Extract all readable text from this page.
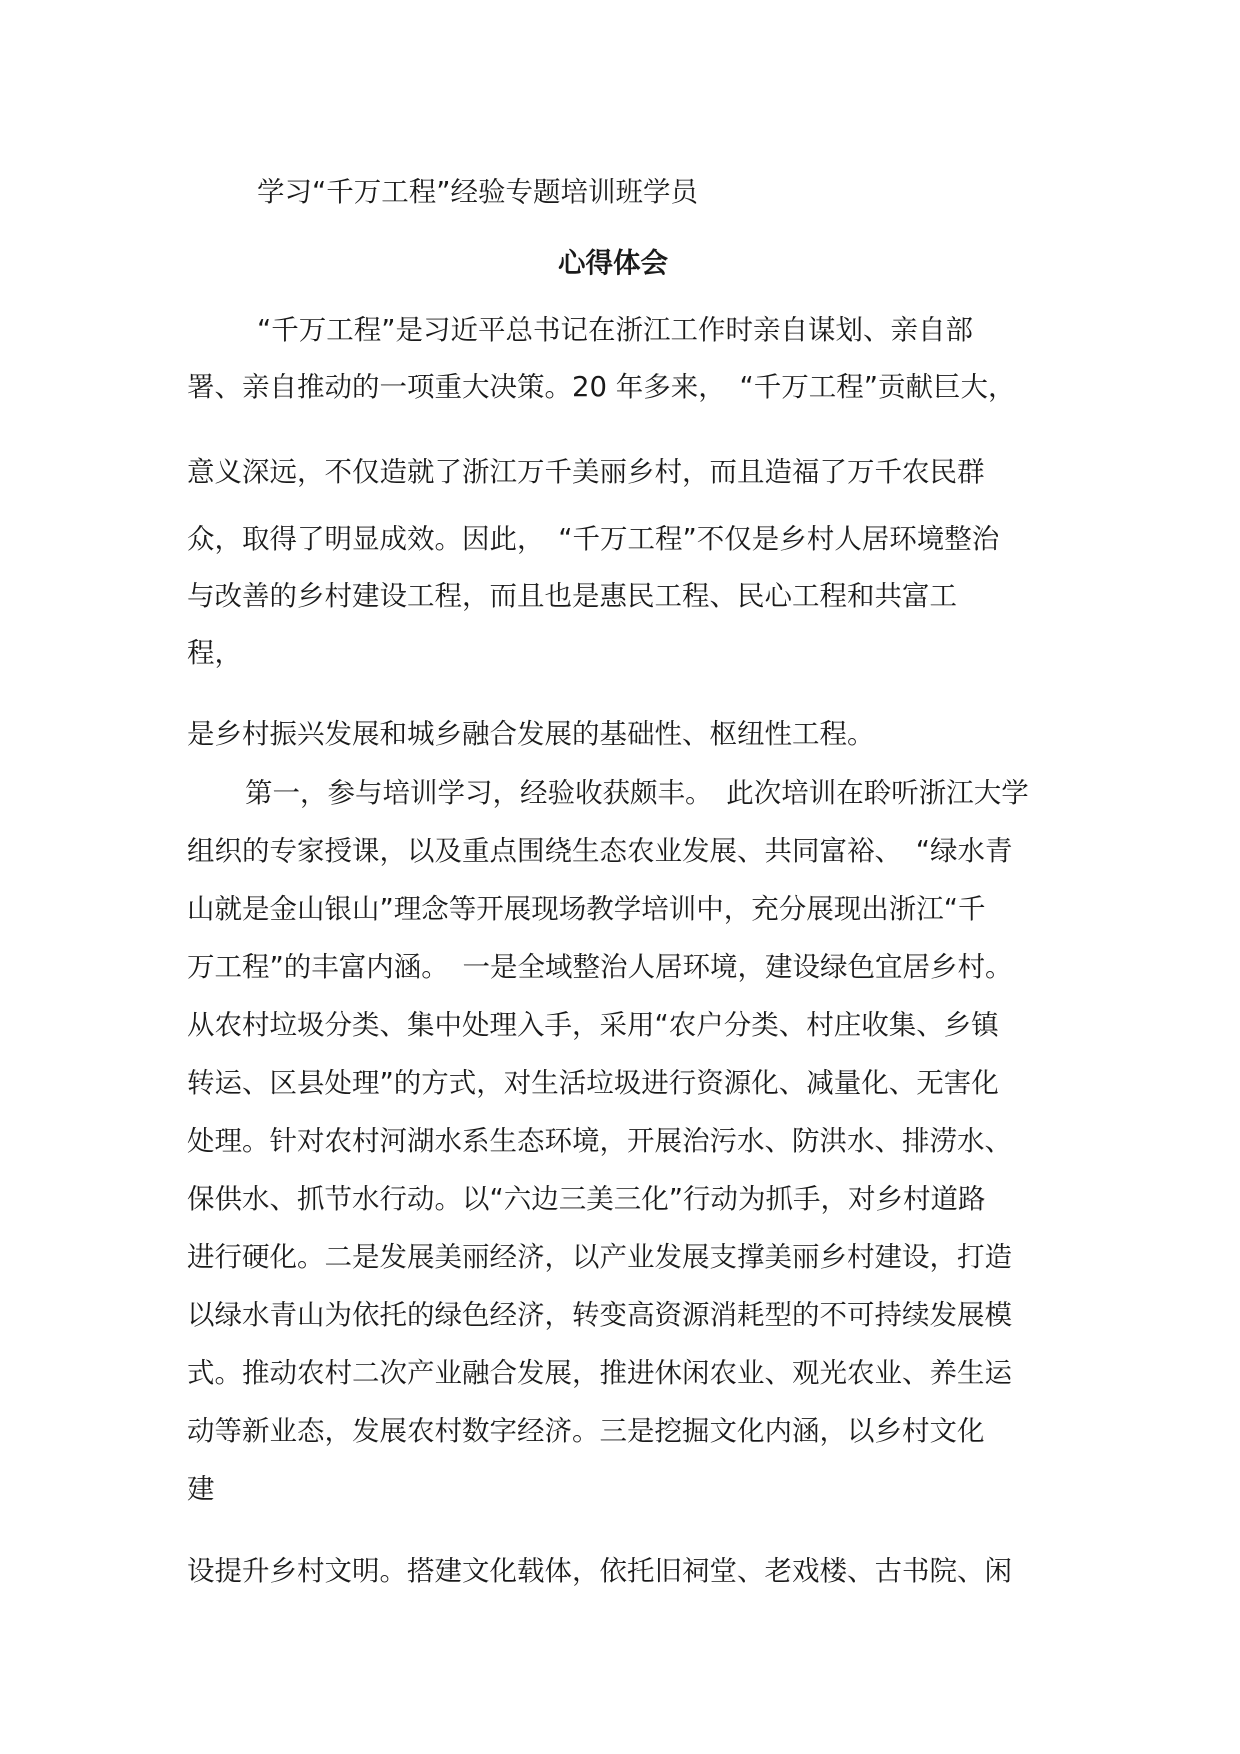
学习“千万工程”经验专题培训班学员
心得体会
“千万工程”是习近平总书记在浙江工作时亲自谋划、亲自部
署、亲自推动的一项重大决策。20 年多来，　“千万工程”贡献巨大，
意义深远，不仅造就了浙江万千美丽乡村，而且造福了万千农民群
众，取得了明显成效。因此，　“千万工程”不仅是乡村人居环境整治
与改善的乡村建设工程，而且也是惠民工程、民心工程和共富工
程，
是乡村振兴发展和城乡融合发展的基础性、枢纽性工程。
第一，参与培训学习，经验收获颇丰。　此次培训在聆听浙江大学
组织的专家授课，以及重点围绕生态农业发展、共同富裕、　“绿水青
山就是金山银山”理念等开展现场教学培训中，充分展现出浙江“千
万工程”的丰富内涵。　一是全域整治人居环境，建设绿色宜居乡村。
从农村垃圾分类、集中处理入手，采用“农户分类、村庄收集、乡镇
转运、区县处理”的方式，对生活垃圾进行资源化、减量化、无害化
处理。针对农村河湖水系生态环境，开展治污水、防洪水、排涝水、
保供水、抓节水行动。以“六边三美三化”行动为抓手，对乡村道路
进行硬化。二是发展美丽经济，以产业发展支撑美丽乡村建设，打造
以绿水青山为依托的绿色经济，转变高资源消耗型的不可持续发展模
式。推动农村二次产业融合发展，推进休闲农业、观光农业、养生运
动等新业态，发展农村数字经济。三是挖掘文化内涵，以乡村文化
建
设提升乡村文明。搭建文化载体，依托旧祠堂、老戏楼、古书院、闲
